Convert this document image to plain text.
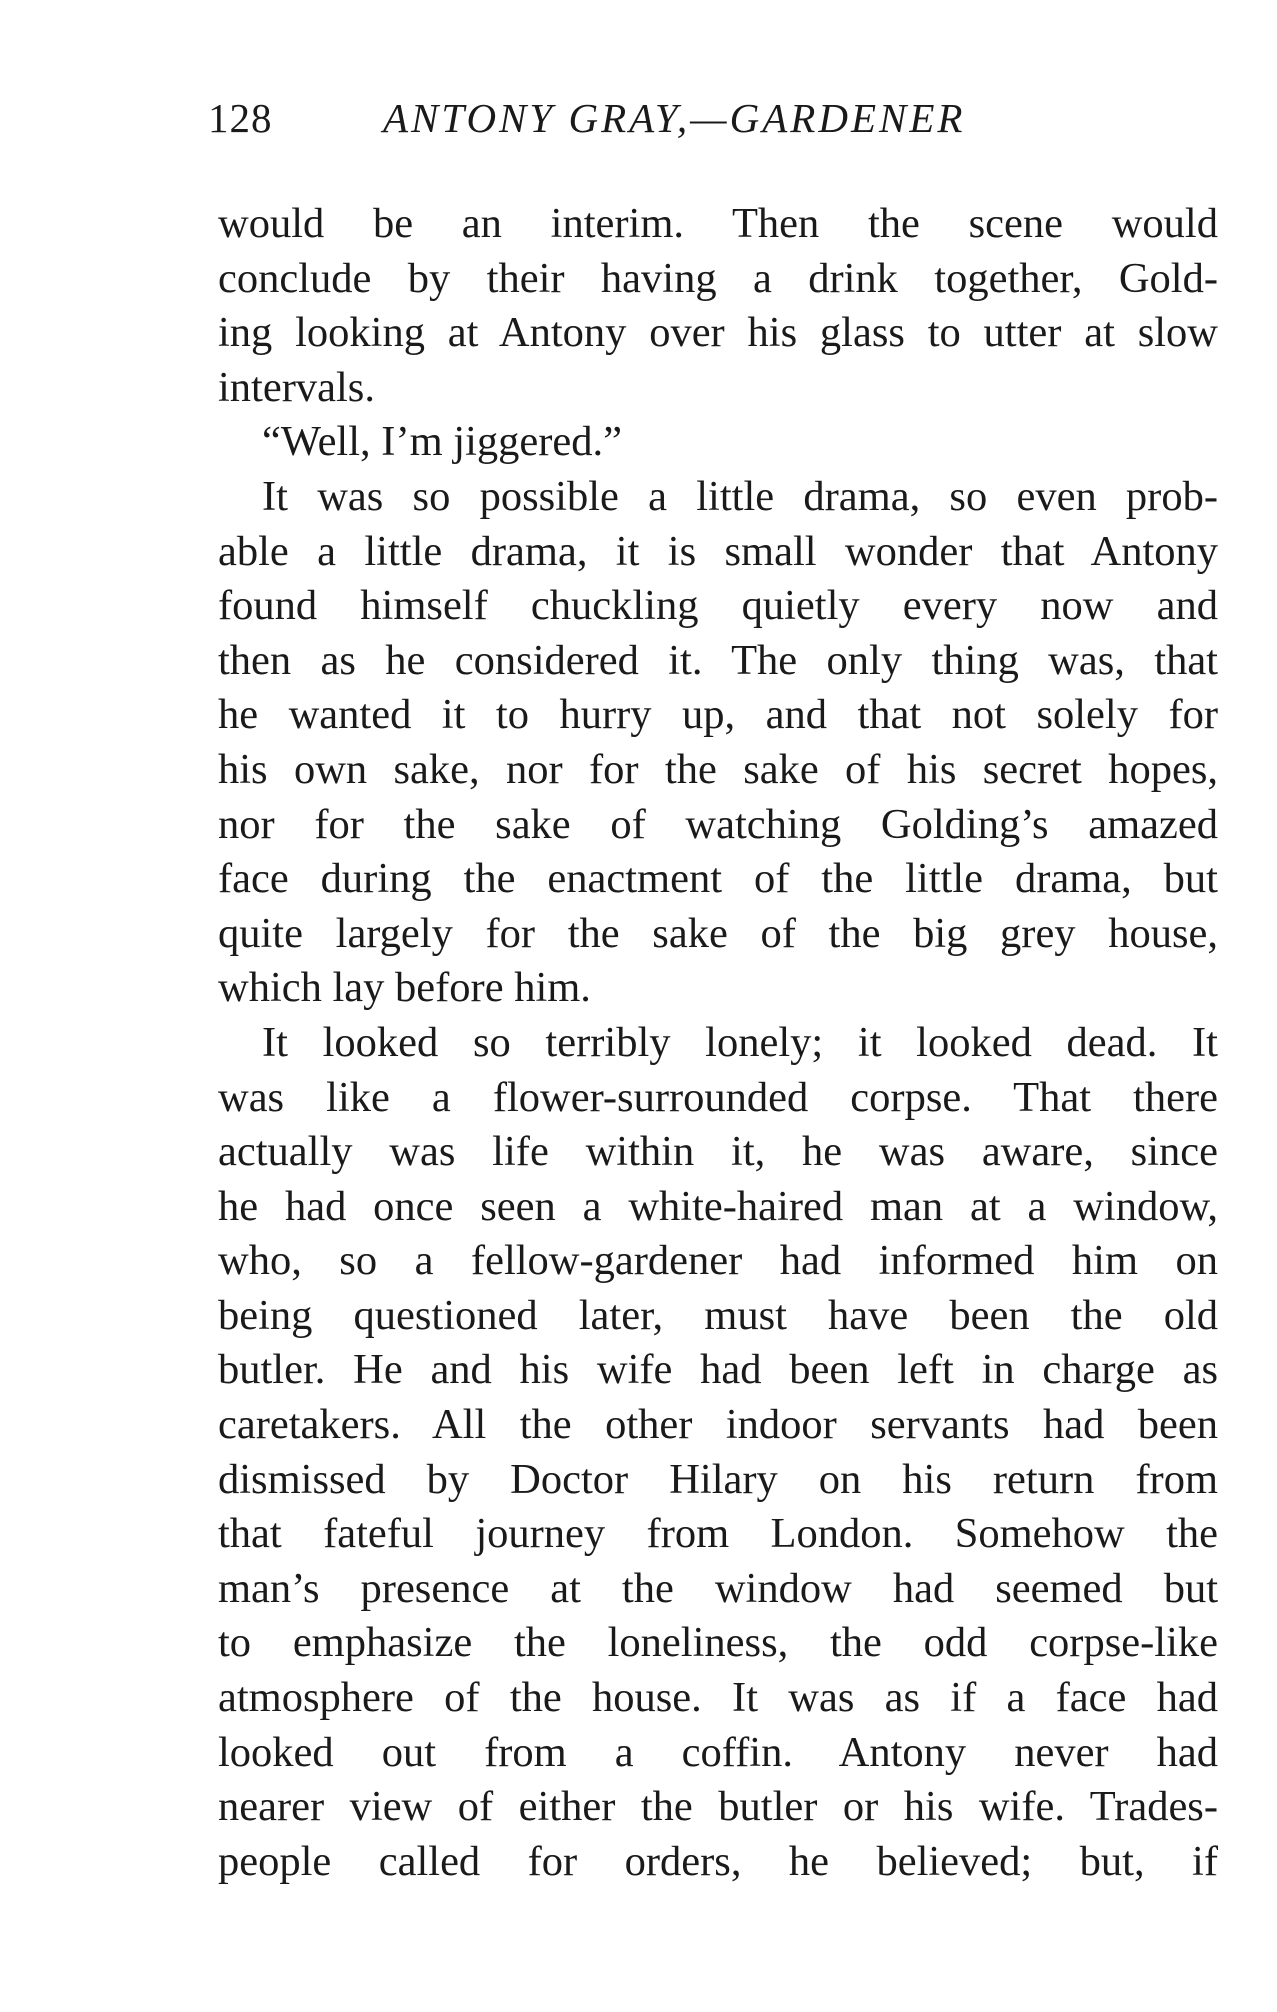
128	ANTONY GRAY,—GARDENER
would be an interim. Then the scene would
conclude by their having a drink together, Gold-
ing looking at Antony over his glass to utter at slow
intervals.
“Well, I’m jiggered.”
It was so possible a little drama, so even prob-
able a little drama, it is small wonder that Antony
found himself chuckling quietly every now and
then as he considered it. The only thing was, that
he wanted it to hurry up, and that not solely for
his own sake, nor for the sake of his secret hopes,
nor for the sake of watching Golding’s amazed
face during the enactment of the little drama, but
quite largely for the sake of the big grey house,
which lay before him.
It looked so terribly lonely; it looked dead. It
was like a flower-surrounded corpse. That there
actually was life within it, he was aware, since
he had once seen a white-haired man at a window,
who, so a fellow-gardener had informed him on
being questioned later, must have been the old
butler. He and his wife had been left in charge as
caretakers. All the other indoor servants had been
dismissed by Doctor Hilary on his return from
that fateful journey from London. Somehow the
man’s presence at the window had seemed but
to emphasize the loneliness, the odd corpse-like
atmosphere of the house. It was as if a face had
looked out from a coffin. Antony never had
nearer view of either the butler or his wife. Trades-
people called for orders, he believed; but, if
